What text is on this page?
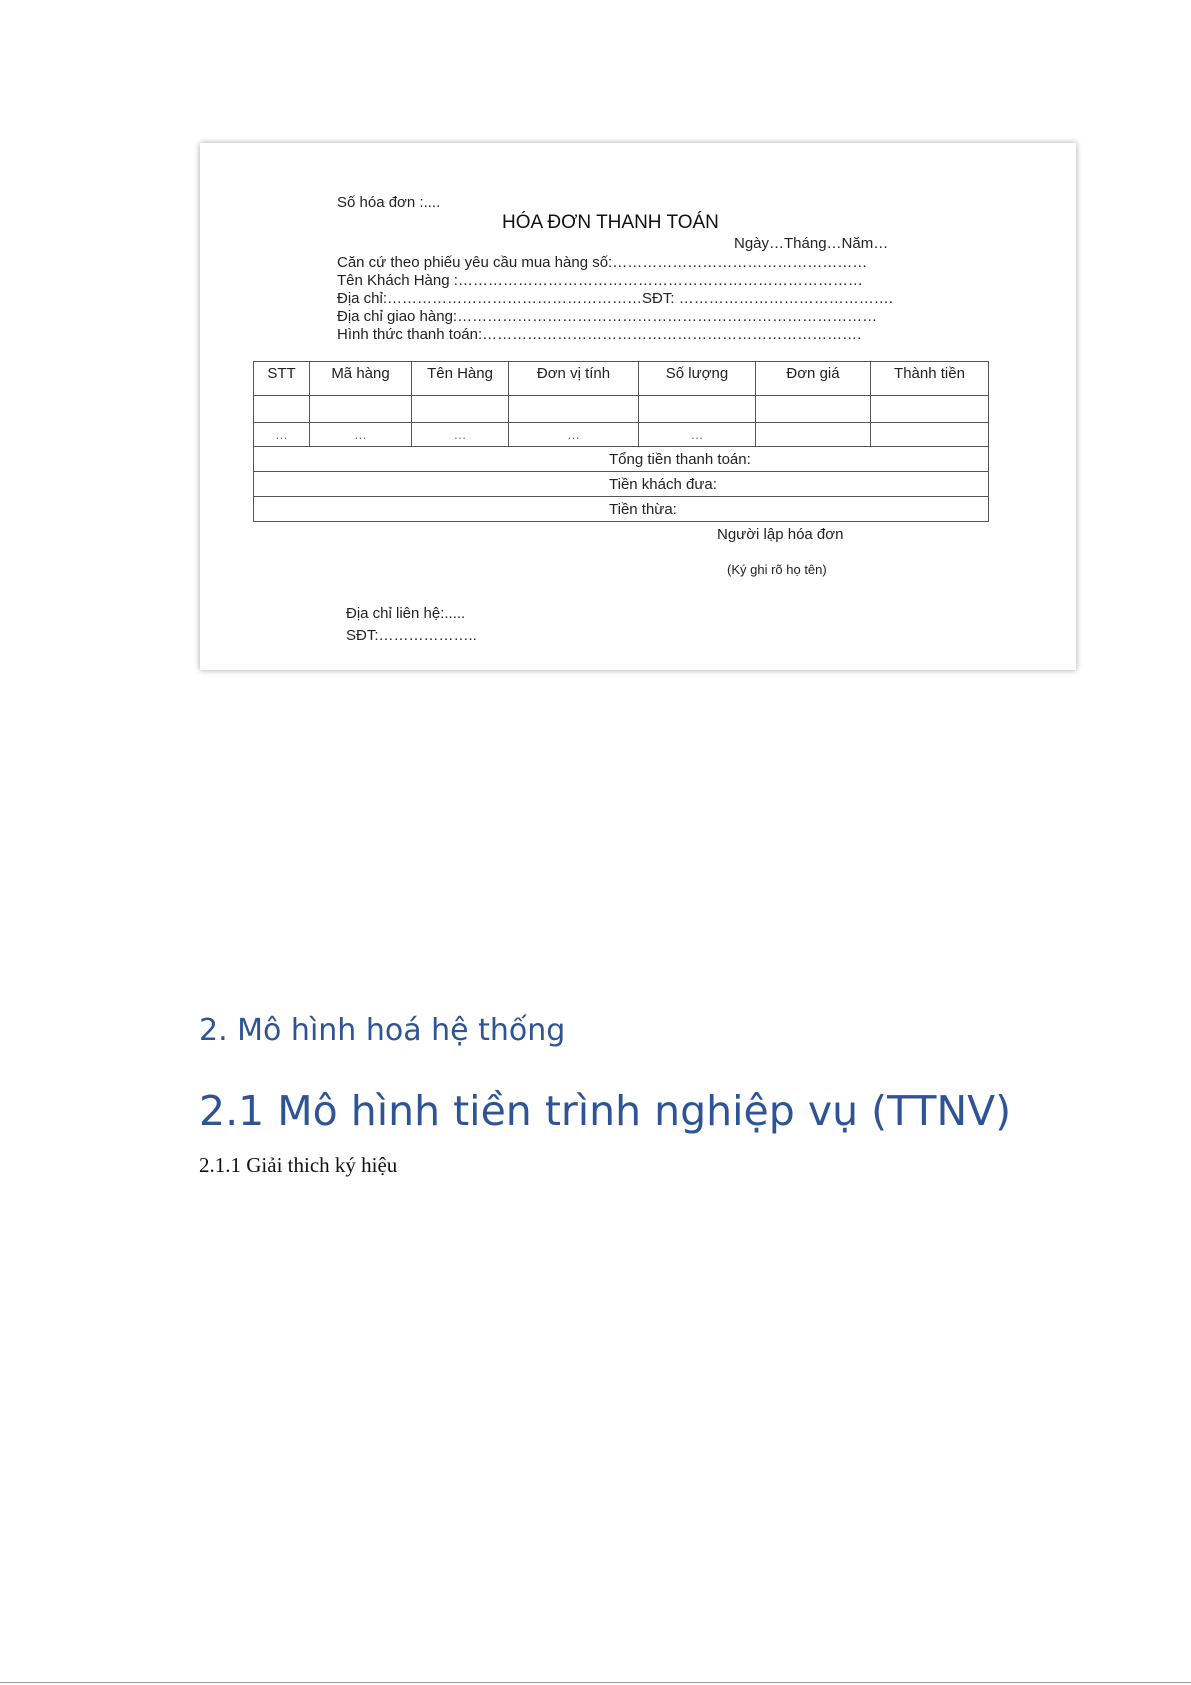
Số hóa đơn :....
HÓA ĐƠN THANH TOÁN
Ngày…Tháng…Năm…
Căn cứ theo phiếu yêu cầu mua hàng số:……………………………………………
Tên Khách Hàng :………………………………………………………………………
Địa chỉ:……………………………………………SĐT: …………………………………….
Địa chỉ giao hàng:…………………………………………………………………………
Hình thức thanh toán:………………………………………………………………….
STT	Mã hàng	Tên Hàng	Đơn vị tính	Số lượng	Đơn giá	Thành tiền

…	…	…	…	…		
Tổng tiền thanh toán:						
Tiền khách đưa:						
Tiền thừa:						
Người lập hóa đơn
(Ký ghi rõ họ tên)
Địa chỉ liên hệ:.....
SĐT:………………..
2. Mô hình hoá hệ thống
2.1 Mô hình tiền trình nghiệp vụ (TTNV)
2.1.1 Giải thich ký hiệu
